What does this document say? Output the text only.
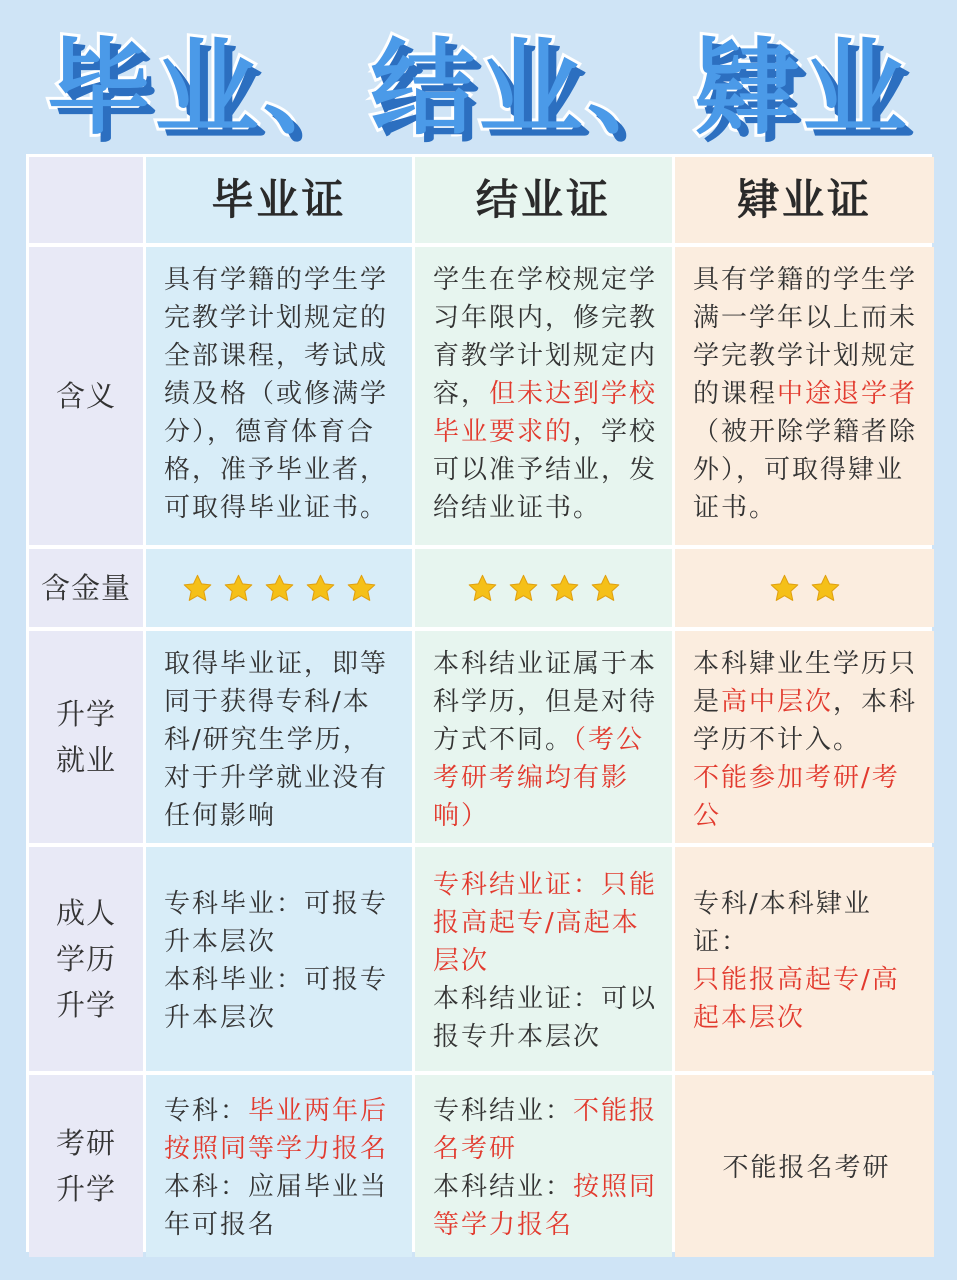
毕业、结业、肄业
毕业证	结业证	肄业证
含义
具有学籍的学生学完教学计划规定的全部课程，考试成绩及格（或修满学分），德育体育合格，准予毕业者，可取得毕业证书。
学生在学校规定学习年限内，修完教育教学计划规定内容，但未达到学校毕业要求的，学校可以准予结业，发给结业证书。
具有学籍的学生学满一学年以上而未学完教学计划规定的课程中途退学者（被开除学籍者除外），可取得肄业证书。
含金量
升学就业
取得毕业证，即等同于获得专科/本科/研究生学历，对于升学就业没有任何影响
本科结业证属于本科学历，但是对待方式不同。（考公考研考编均有影响）
本科肄业生学历只是高中层次，本科学历不计入。
不能参加考研/考公
成人学历升学
专科毕业：可报专升本层次
本科毕业：可报专升本层次
专科结业证：只能报高起专/高起本层次
本科结业证：可以报专升本层次
专科/本科肄业证：
只能报高起专/高起本层次
考研升学
专科：毕业两年后按照同等学力报名
本科：应届毕业当年可报名
专科结业：不能报名考研
本科结业：按照同等学力报名
不能报名考研
